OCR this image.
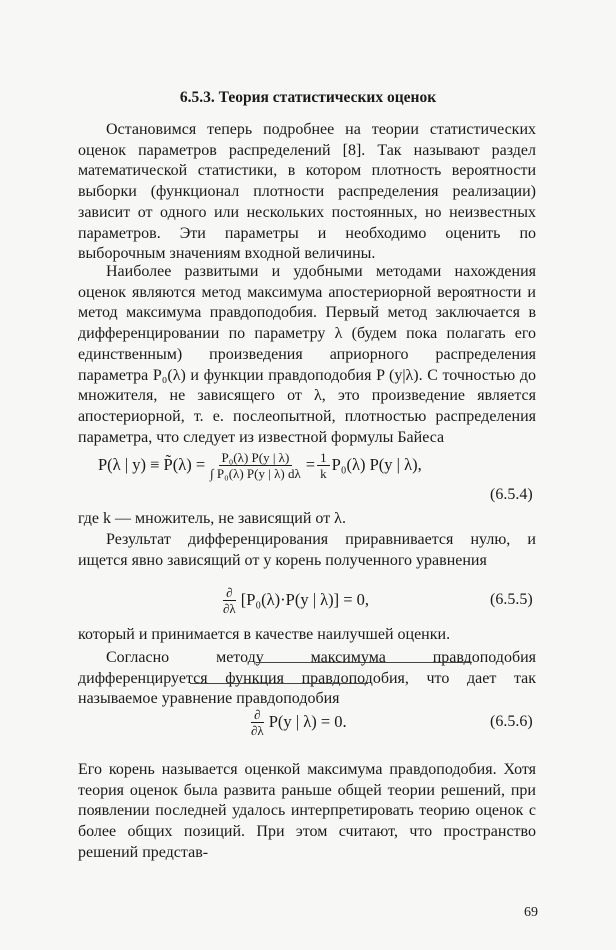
6.5.3. Теория статистических оценок

Остановимся теперь подробнее на теории статистических оценок параметров распределений [8]. Так называют раздел математической статистики, в котором плотность вероятности выборки (функционал плотности распределения реализации) зависит от одного или нескольких постоянных, но неизвестных параметров. Эти параметры и необходимо оценить по выборочным значениям входной величины.

Наиболее развитыми и удобными методами нахождения оценок являются метод максимума апостериорной вероятности и метод максимума правдоподобия. Первый метод заключается в дифференцировании по параметру λ (будем пока полагать его единственным) произведения априорного распределения параметра P₀(λ) и функции правдоподобия P (y|λ). С точностью до множителя, не зависящего от λ, это произведение является апостериорной, т. е. послеопытной, плотностью распределения параметра, что следует из известной формулы Байеса

P(λ | y) ≡ P̃(λ) = $\frac{\text{P₀(λ) P(y | λ)}}{\text{∫ P₀(λ) P(y | λ) dλ}} = \frac{1}{k} P_0(\lambda)$ P(y | λ),
(6.5.4)

где k — множитель, не зависящий от λ.

Результат дифференцирования приравнивается нулю, и ищется явно зависящий от y корень полученного уравнения

$\frac{\partial}{\partial\lambda} [P_0(\lambda)\cdot P(y$ | λ)] = 0,	(6.5.5)

который и принимается в качестве наилучшей оценки.

Согласно методу максимума правдоподобия дифференцируется функция правдоподобия, что дает так называемое уравнение правдоподобия

$\frac{\partial}{\partial\lambda} P(y$ | λ) = 0.	(6.5.6)

Его корень называется оценкой максимума правдоподобия. Хотя теория оценок была развита раньше общей теории решений, при появлении последней удалось интерпретировать теорию оценок с более общих позиций. При этом считают, что пространство решений представ-

69
